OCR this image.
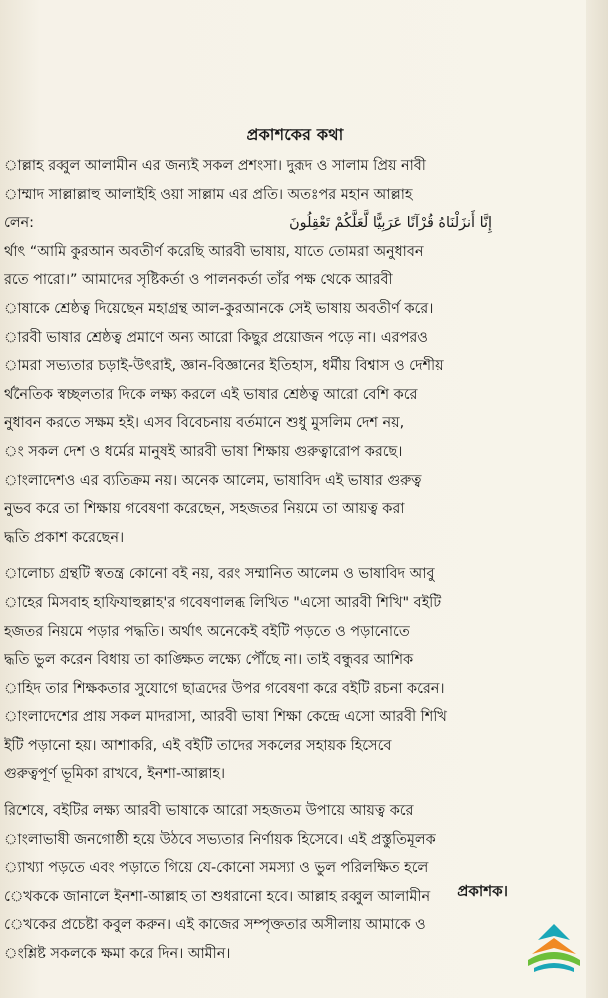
প্রকাশকের কথা
াল্লাহ রব্বুল আলামীন এর জন্যই সকল প্রশংসা। দুরূদ ও সালাম প্রিয় নাবী
াম্মাদ সাল্লাল্লাহু আলাইহি ওয়া সাল্লাম এর প্রতি। অতঃপর মহান আল্লাহ
লেন:	إِنَّا أَنزَلْنَاهُ قُرْآنًا عَرَبِيًّا لَّعَلَّكُمْ تَعْقِلُونَ
র্থাৎ “আমি কুরআন অবতীর্ণ করেছি আরবী ভাষায়, যাতে তোমরা অনুধাবন
রতে পারো।” আমাদের সৃষ্টিকর্তা ও পালনকর্তা তাঁর পক্ষ থেকে আরবী
াষাকে শ্রেষ্ঠত্ব দিয়েছেন মহাগ্রন্থ আল-কুরআনকে সেই ভাষায় অবতীর্ণ করে।
ারবী ভাষার শ্রেষ্ঠত্ব প্রমাণে অন্য আরো কিছুর প্রয়োজন পড়ে না। এরপরও
ামরা সভ্যতার চড়াই-উৎরাই, জ্ঞান-বিজ্ঞানের ইতিহাস, ধর্মীয় বিশ্বাস ও দেশীয়
র্থনৈতিক স্বচ্ছলতার দিকে লক্ষ্য করলে এই ভাষার শ্রেষ্ঠত্ব আরো বেশি করে
নুধাবন করতে সক্ষম হই। এসব বিবেচনায় বর্তমানে শুধু মুসলিম দেশ নয়,
ং সকল দেশ ও ধর্মের মানুষই আরবী ভাষা শিক্ষায় গুরুত্বারোপ করছে।
াংলাদেশও এর ব্যতিক্রম নয়। অনেক আলেম, ভাষাবিদ এই ভাষার গুরুত্ব
নুভব করে তা শিক্ষায় গবেষণা করেছেন, সহজতর নিয়মে তা আয়ত্ব করা
দ্ধতি প্রকাশ করেছেন।
ালোচ্য গ্রন্থটি স্বতন্ত্র কোনো বই নয়, বরং সম্মানিত আলেম ও ভাষাবিদ আবু
াহের মিসবাহ হাফিযাহুল্লাহ'র গবেষণালব্ধ লিখিত "এসো আরবী শিখি" বইটি
হজতর নিয়মে পড়ার পদ্ধতি। অর্থাৎ অনেকেই বইটি পড়তে ও পড়ানোতে
দ্ধতি ভুল করেন বিধায় তা কাঙ্ক্ষিত লক্ষ্যে পৌঁছে না। তাই বন্ধুবর আশিক
াহিদ তার শিক্ষকতার সুযোগে ছাত্রদের উপর গবেষণা করে বইটি রচনা করেন।
াংলাদেশের প্রায় সকল মাদরাসা, আরবী ভাষা শিক্ষা কেন্দ্রে এসো আরবী শিখি
ইটি পড়ানো হয়। আশাকরি, এই বইটি তাদের সকলের সহায়ক হিসেবে
গুরুত্বপূর্ণ ভূমিকা রাখবে, ইনশা-আল্লাহ।
রিশেষে, বইটির লক্ষ্য আরবী ভাষাকে আরো সহজতম উপায়ে আয়ত্ব করে
াংলাভাষী জনগোষ্ঠী হয়ে উঠবে সভ্যতার নির্ণায়ক হিসেবে। এই প্রস্তুতিমূলক
্যাখ্যা পড়তে এবং পড়াতে গিয়ে যে-কোনো সমস্যা ও ভুল পরিলক্ষিত হলে
েখককে জানালে ইনশা-আল্লাহ তা শুধরানো হবে। আল্লাহ রব্বুল আলামীন
েখকের প্রচেষ্টা কবুল করুন। এই কাজের সম্পৃক্ততার অসীলায় আমাকে ও
ংশ্লিষ্ট সকলকে ক্ষমা করে দিন। আমীন।
প্রকাশক।
